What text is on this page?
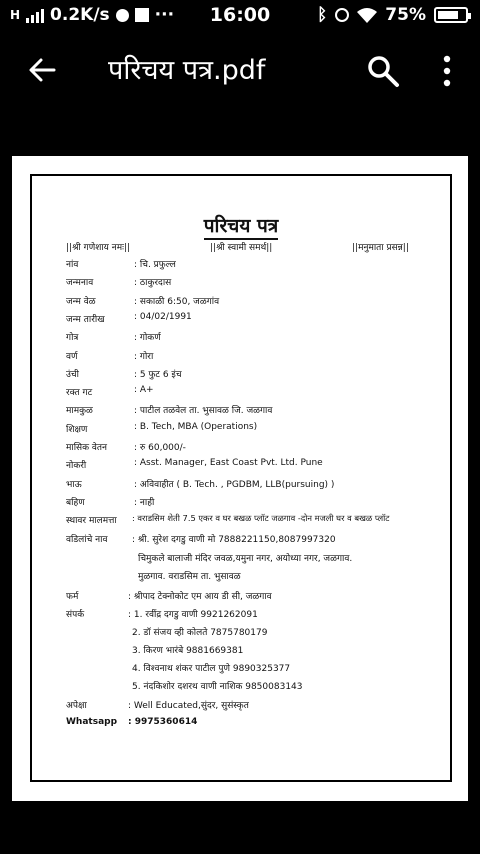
H 0.2K/s	···	16:00	ᛒ	75%
परिचय पत्र.pdf
परिचय पत्र
||श्री गणेशाय नमः||	||श्री स्वामी समर्थ||	||मनुमाता प्रसन्न||
नांव	: चि. प्रफुल्ल
जन्मनाव	: ठाकुरदास
जन्म वेळ	: सकाळी 6:50, जळगांव
जन्म तारीख	: 04/02/1991
गोत्र	: गोकर्ण
वर्ण	: गोरा
उंची	: 5 फुट 6 इंच
रक्त गट	: A+
मामकुळ	: पाटील तळवेल ता. भुसावळ जि. जळगाव
शिक्षण	: B. Tech, MBA (Operations)
मासिक वेतन	: रु 60,000/-
नोकरी	: Asst. Manager, East Coast Pvt. Ltd. Pune
भाऊ	: अविवाहीत ( B. Tech. , PGDBM, LLB(pursuing) )
बहिण	: नाही
स्थावर मालमत्ता : वराडसिम शेती 7.5 एकर व घर बखळ प्लॉट जळगाव -दोन मजली घर व बखळ प्लॉट
वडिलांचे नाव	: श्री. सुरेश दगडु वाणी मो 7888221150,8087997320
चिमुकले बालाजी मंदिर जवळ,यमुना नगर, अयोध्या नगर, जळगाव.
मुळगाव. वराडसिम ता. भुसावळ
फर्म	: श्रीपाद टेक्नोकोट एम आय डी सी, जळगाव
संपर्क	: 1. रवींद्र दगडु वाणी 9921262091
2. डॉ संजय व्ही कोलते 7875780179
3. किरण भारंबे 9881669381
4. विश्वनाथ शंकर पाटील पुणे 9890325377
5. नंदकिशोर दशरथ वाणी नाशिक 9850083143
अपेक्षा	: Well Educated,सुंदर, सुसंस्कृत
Whatsapp : 9975360614
